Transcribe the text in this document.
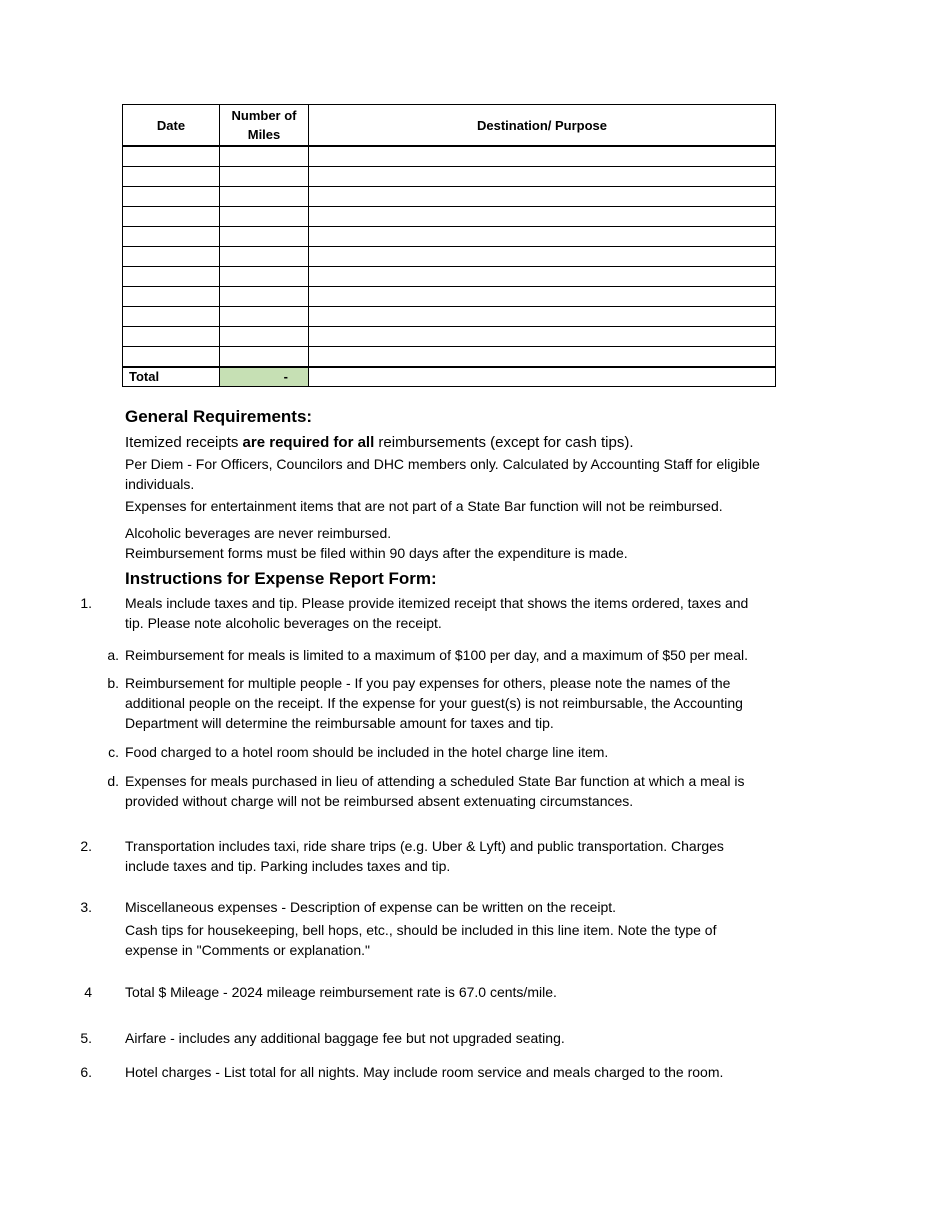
Date	Number of Miles	Destination/ Purpose

Total	-	
General Requirements:
Itemized receipts are required for all reimbursements (except for cash tips).
Per Diem - For Officers, Councilors and DHC members only. Calculated by Accounting Staff for eligible individuals.
Expenses for entertainment items that are not part of a State Bar function will not be reimbursed.
Alcoholic beverages are never reimbursed.
Reimbursement forms must be filed within 90 days after the expenditure is made.
Instructions for Expense Report Form:
1. Meals include taxes and tip. Please provide itemized receipt that shows the items ordered, taxes and tip. Please note alcoholic beverages on the receipt.
a. Reimbursement for meals is limited to a maximum of $100 per day, and a maximum of $50 per meal.
b. Reimbursement for multiple people - If you pay expenses for others, please note the names of the additional people on the receipt. If the expense for your guest(s) is not reimbursable, the Accounting Department will determine the reimbursable amount for taxes and tip.
c. Food charged to a hotel room should be included in the hotel charge line item.
d. Expenses for meals purchased in lieu of attending a scheduled State Bar function at which a meal is provided without charge will not be reimbursed absent extenuating circumstances.
2. Transportation includes taxi, ride share trips (e.g. Uber & Lyft) and public transportation. Charges include taxes and tip. Parking includes taxes and tip.
3. Miscellaneous expenses - Description of expense can be written on the receipt.
Cash tips for housekeeping, bell hops, etc., should be included in this line item. Note the type of expense in "Comments or explanation."
4 Total $ Mileage - 2024 mileage reimbursement rate is 67.0 cents/mile.
5. Airfare - includes any additional baggage fee but not upgraded seating.
6. Hotel charges - List total for all nights. May include room service and meals charged to the room.
